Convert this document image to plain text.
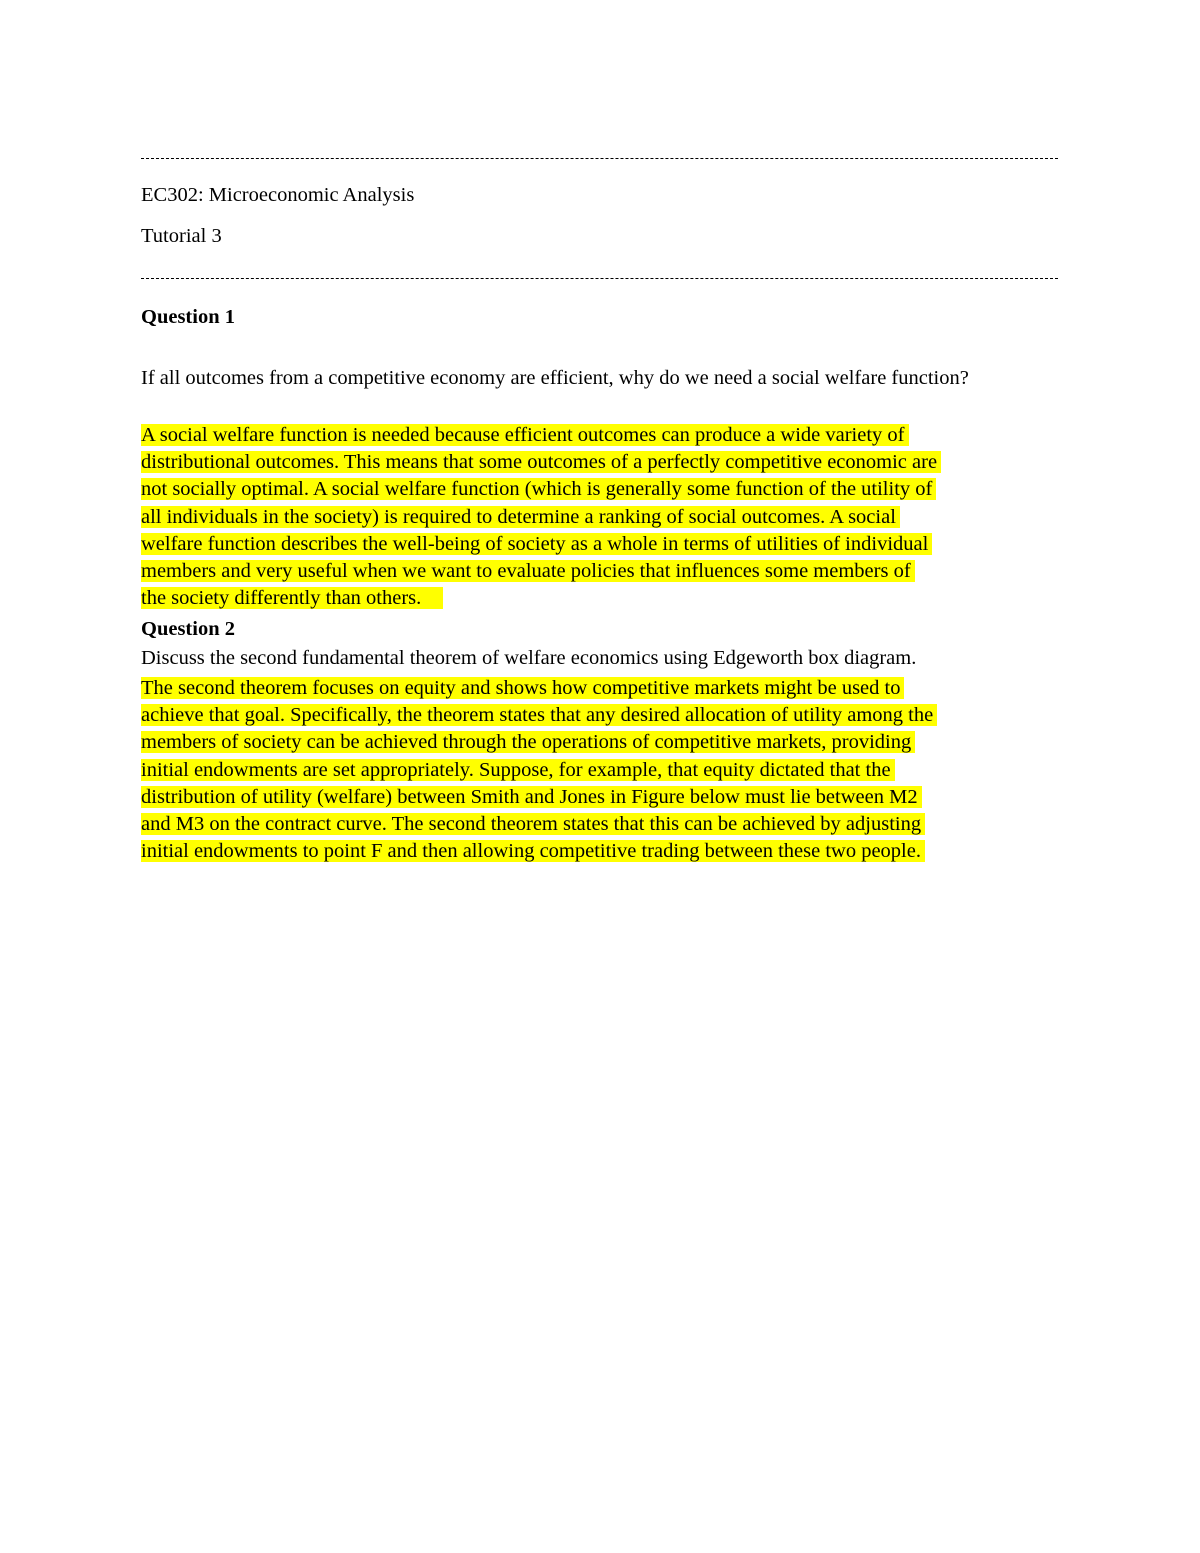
EC302: Microeconomic Analysis
Tutorial 3
Question 1
If all outcomes from a competitive economy are efficient, why do we need a social welfare function?
A social welfare function is needed because efficient outcomes can produce a wide variety of
distributional outcomes. This means that some outcomes of a perfectly competitive economic are
not socially optimal. A social welfare function (which is generally some function of the utility of
all individuals in the society) is required to determine a ranking of social outcomes. A social
welfare function describes the well-being of society as a whole in terms of utilities of individual
members and very useful when we want to evaluate policies that influences some members of
the society differently than others.
Question 2
Discuss the second fundamental theorem of welfare economics using Edgeworth box diagram.
The second theorem focuses on equity and shows how competitive markets might be used to
achieve that goal. Specifically, the theorem states that any desired allocation of utility among the
members of society can be achieved through the operations of competitive markets, providing
initial endowments are set appropriately. Suppose, for example, that equity dictated that the
distribution of utility (welfare) between Smith and Jones in Figure below must lie between M2
and M3 on the contract curve. The second theorem states that this can be achieved by adjusting
initial endowments to point F and then allowing competitive trading between these two people.
